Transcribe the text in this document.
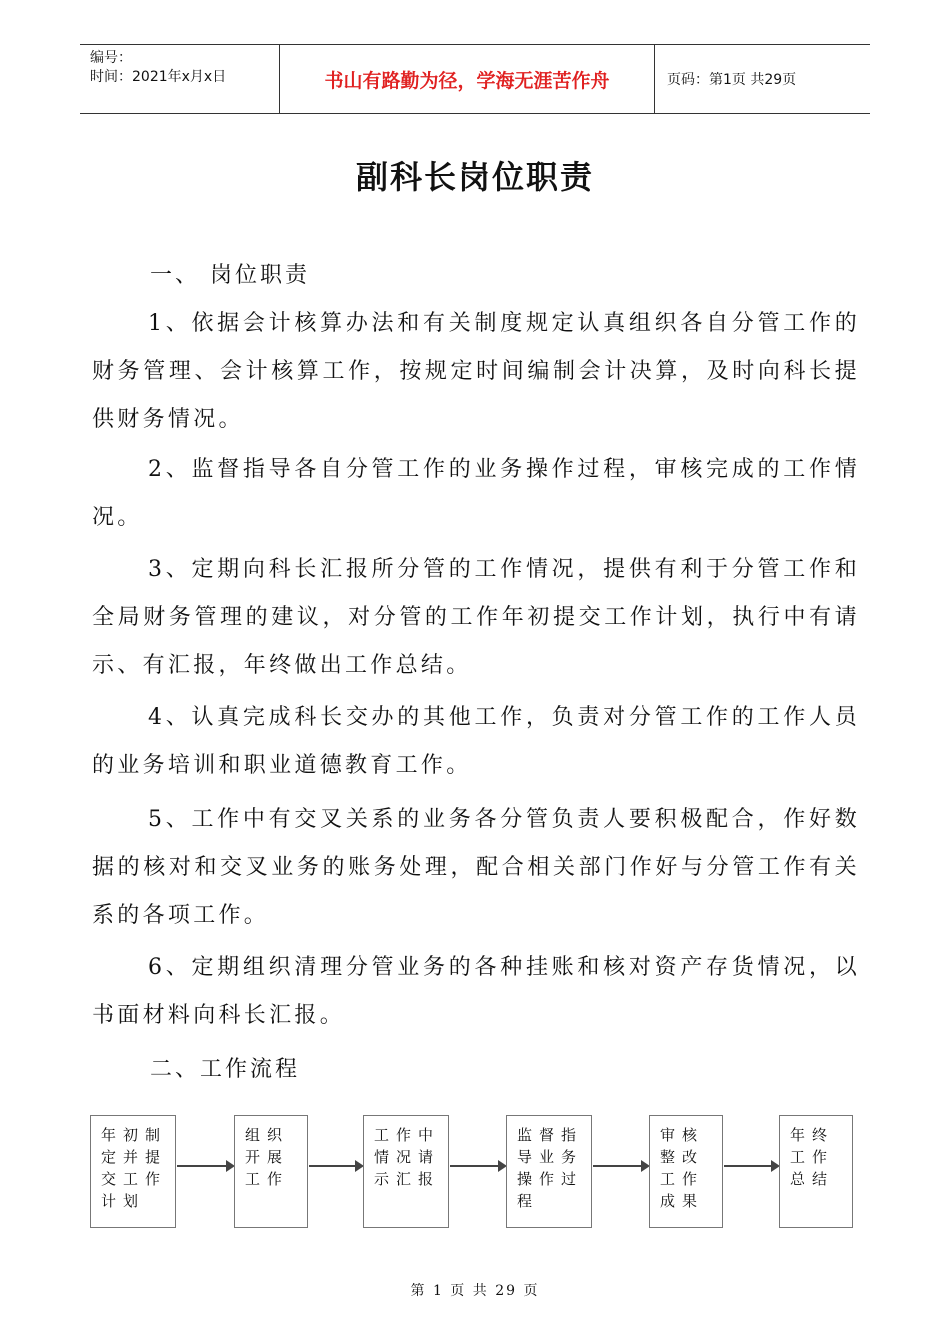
编号：
时间：2021年x月x日	书山有路勤为径，学海无涯苦作舟	页码：第1页 共29页
副科长岗位职责
一、 岗位职责
1、依据会计核算办法和有关制度规定认真组织各自分管工作的财务管理、会计核算工作，按规定时间编制会计决算，及时向科长提供财务情况。
2、监督指导各自分管工作的业务操作过程，审核完成的工作情况。
3、定期向科长汇报所分管的工作情况，提供有利于分管工作和全局财务管理的建议，对分管的工作年初提交工作计划，执行中有请示、有汇报，年终做出工作总结。
4、认真完成科长交办的其他工作，负责对分管工作的工作人员的业务培训和职业道德教育工作。
5、工作中有交叉关系的业务各分管负责人要积极配合，作好数据的核对和交叉业务的账务处理，配合相关部门作好与分管工作有关系的各项工作。
6、定期组织清理分管业务的各种挂账和核对资产存货情况，以书面材料向科长汇报。
二、工作流程
年初制定并提交工作计划
组织开展工作
工作中情况请示汇报
监督指导业务操作过程
审核整改工作成果
年终工作总结
第 1 页 共 29 页
